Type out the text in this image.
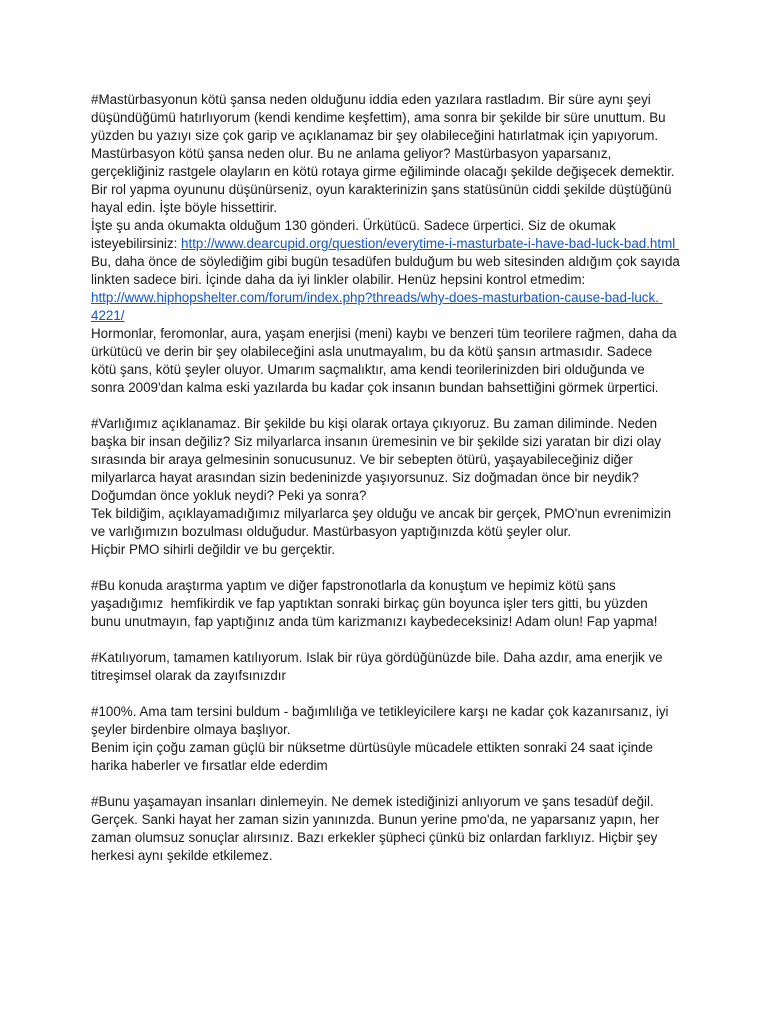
#Mastürbasyonun kötü şansa neden olduğunu iddia eden yazılara rastladım. Bir süre aynı şeyi düşündüğümü hatırlıyorum (kendi kendime keşfettim), ama sonra bir şekilde bir süre unuttum. Bu yüzden bu yazıyı size çok garip ve açıklanamaz bir şey olabileceğini hatırlatmak için yapıyorum.

Mastürbasyon kötü şansa neden olur. Bu ne anlama geliyor? Mastürbasyon yaparsanız, gerçekliğiniz rastgele olayların en kötü rotaya girme eğiliminde olacağı şekilde değişecek demektir. Bir rol yapma oyununu düşünürseniz, oyun karakterinizin şans statüsünün ciddi şekilde düştüğünü hayal edin. İşte böyle hissettirir.

İşte şu anda okumakta olduğum 130 gönderi. Ürkütücü. Sadece ürpertici. Siz de okumak isteyebilirsiniz: http://www.dearcupid.org/question/everytime-i-masturbate-i-have-bad-luck-bad.html Bu, daha önce de söylediğim gibi bugün tesadüfen bulduğum bu web sitesinden aldığım çok sayıda linkten sadece biri. İçinde daha da iyi linkler olabilir. Henüz hepsini kontrol etmedim:

http://www.hiphopshelter.com/forum/index.php?threads/why-does-masturbation-cause-bad-luck. 4221/

Hormonlar, feromonlar, aura, yaşam enerjisi (meni) kaybı ve benzeri tüm teorilere rağmen, daha da ürkütücü ve derin bir şey olabileceğini asla unutmayalım, bu da kötü şansın artmasıdır. Sadece kötü şans, kötü şeyler oluyor. Umarım saçmalıktır, ama kendi teorilerinizden biri olduğunda ve sonra 2009'dan kalma eski yazılarda bu kadar çok insanın bundan bahsettiğini görmek ürpertici.

#Varlığımız açıklanamaz. Bir şekilde bu kişi olarak ortaya çıkıyoruz. Bu zaman diliminde. Neden başka bir insan değiliz? Siz milyarlarca insanın üremesinin ve bir şekilde sizi yaratan bir dizi olay sırasında bir araya gelmesinin sonucusunuz. Ve bir sebepten ötürü, yaşayabileceğiniz diğer milyarlarca hayat arasından sizin bedeninizde yaşıyorsunuz. Siz doğmadan önce bir neydik? Doğumdan önce yokluk neydi? Peki ya sonra?

Tek bildiğim, açıklayamadığımız milyarlarca şey olduğu ve ancak bir gerçek, PMO'nun evrenimizin ve varlığımızın bozulması olduğudur. Mastürbasyon yaptığınızda kötü şeyler olur.

Hiçbir PMO sihirli değildir ve bu gerçektir.

#Bu konuda araştırma yaptım ve diğer fapstronotlarla da konuştum ve hepimiz kötü şans yaşadığımız  hemfikirdik ve fap yaptıktan sonraki birkaç gün boyunca işler ters gitti, bu yüzden bunu unutmayın, fap yaptığınız anda tüm karizmanızı kaybedeceksiniz! Adam olun! Fap yapma!

#Katılıyorum, tamamen katılıyorum. Islak bir rüya gördüğünüzde bile. Daha azdır, ama enerjik ve titreşimsel olarak da zayıfsınızdır

#100%. Ama tam tersini buldum - bağımlılığa ve tetikleyicilere karşı ne kadar çok kazanırsanız, iyi şeyler birdenbire olmaya başlıyor.

Benim için çoğu zaman güçlü bir nüksetme dürtüsüyle mücadele ettikten sonraki 24 saat içinde harika haberler ve fırsatlar elde ederdim

#Bunu yaşamayan insanları dinlemeyin. Ne demek istediğinizi anlıyorum ve şans tesadüf değil. Gerçek. Sanki hayat her zaman sizin yanınızda. Bunun yerine pmo'da, ne yaparsanız yapın, her zaman olumsuz sonuçlar alırsınız. Bazı erkekler şüpheci çünkü biz onlardan farklıyız. Hiçbir şey herkesi aynı şekilde etkilemez.
